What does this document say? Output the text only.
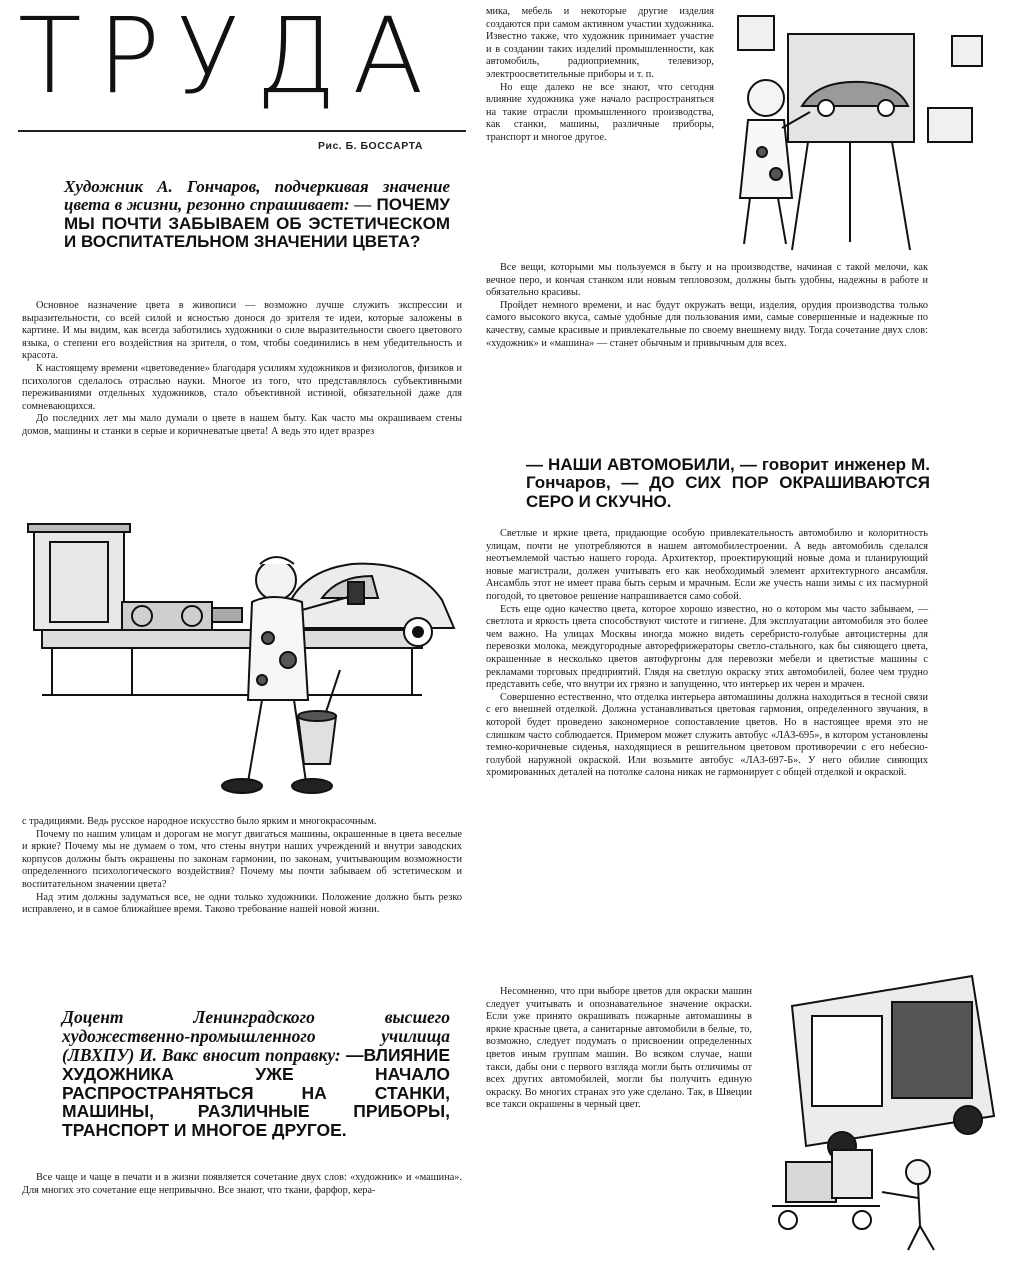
ТРУДА
Рис. Б. БОССАРТА
Художник А. Гончаров, подчеркивая значение цвета в жизни, резонно спрашивает: — ПОЧЕМУ МЫ ПОЧТИ ЗАБЫВАЕМ ОБ ЭСТЕТИЧЕСКОМ И ВОСПИТАТЕЛЬНОМ ЗНАЧЕНИИ ЦВЕТА?

Основное назначение цвета в живописи — возможно лучше служить экспрессии и выразительности, со всей силой и ясностью донося до зрителя те идеи, которые заложены в картине. И мы видим, как всегда заботились художники о силе выразительности своего цветового языка, о степени его воздействия на зрителя, о том, чтобы соединились в нем убедительность и красота.

К настоящему времени «цветоведение» благодаря усилиям художников и физиологов, физиков и психологов сделалось отраслью науки. Многое из того, что представлялось субъективными переживаниями отдельных художников, стало объективной истиной, обязательной даже для сомневающихся.

До последних лет мы мало думали о цвете в нашем быту. Как часто мы окрашиваем стены домов, машины и станки в серые и коричневатые цвета! А ведь это идет вразрез

с традициями. Ведь русское народное искусство было ярким и многокрасочным.

Почему по нашим улицам и дорогам не могут двигаться машины, окрашенные в цвета веселые и яркие? Почему мы не думаем о том, что стены внутри наших учреждений и внутри заводских корпусов должны быть окрашены по законам гармонии, по законам, учитывающим возможности определенного психологического воздействия? Почему мы почти забываем об эстетическом и воспитательном значении цвета?

Над этим должны задуматься все, не одни только художники. Положение должно быть резко исправлено, и в самое ближайшее время. Таково требование нашей новой жизни.

Доцент Ленинградского высшего художественно-промышленного училища (ЛВХПУ) И. Вакс вносит поправку: —ВЛИЯНИЕ ХУДОЖНИКА УЖЕ НАЧАЛО РАСПРОСТРАНЯТЬСЯ НА СТАНКИ, МАШИНЫ, РАЗЛИЧНЫЕ ПРИБОРЫ, ТРАНСПОРТ И МНОГОЕ ДРУГОЕ.

Все чаще и чаще в печати и в жизни появляется сочетание двух слов: «художник» и «машина». Для многих это сочетание еще непривычно. Все знают, что ткани, фарфор, кера-

мика, мебель и некоторые другие изделия создаются при самом активном участии художника. Известно также, что художник принимает участие и в создании таких изделий промышленности, как автомобиль, радиоприемник, телевизор, электроосветительные приборы и т. п.

Но еще далеко не все знают, что сегодня влияние художника уже начало распространяться на такие отрасли промышленного производства, как станки, машины, различные приборы, транспорт и многое другое.

Все вещи, которыми мы пользуемся в быту и на производстве, начиная с такой мелочи, как вечное перо, и кончая станком или новым тепловозом, должны быть удобны, надежны в работе и обязательно красивы.

Пройдет немного времени, и нас будут окружать вещи, изделия, орудия производства только самого высокого вкуса, самые удобные для пользования ими, самые совершенные и надежные по качеству, самые красивые и привлекательные по своему внешнему виду. Тогда сочетание двух слов: «художник» и «машина» — станет обычным и привычным для всех.

— НАШИ АВТОМОБИЛИ, — говорит инженер М. Гончаров, — ДО СИХ ПОР ОКРАШИВАЮТСЯ СЕРО И СКУЧНО.

Светлые и яркие цвета, придающие особую привлекательность автомобилю и колоритность улицам, почти не употребляются в нашем автомобилестроении. А ведь автомобиль сделался неотъемлемой частью нашего города. Архитектор, проектирующий новые дома и планирующий новые магистрали, должен учитывать его как необходимый элемент архитектурного ансамбля. Ансамбль этот не имеет права быть серым и мрачным. Если же учесть наши зимы с их пасмурной погодой, то цветовое решение напрашивается само собой.

Есть еще одно качество цвета, которое хорошо известно, но о котором мы часто забываем, — светлота и яркость цвета способствуют чистоте и гигиене. Для эксплуатации автомобиля это более чем важно. На улицах Москвы иногда можно видеть серебристо-голубые автоцистерны для перевозки молока, междугородные авторефрижераторы светло-стального, как бы сияющего цвета, окрашенные в несколько цветов автофургоны для перевозки мебели и цветистые машины с рекламами торговых предприятий. Глядя на светлую окраску этих автомобилей, более чем трудно представить себе, что внутри их грязно и запущенно, что интерьер их черен и мрачен.

Совершенно естественно, что отделка интерьера автомашины должна находиться в тесной связи с его внешней отделкой. Должна устанавливаться цветовая гармония, определенного звучания, в которой будет проведено закономерное сопоставление цветов. Но в настоящее время это не слишком часто соблюдается. Примером может служить автобус «ЛАЗ-695», в котором установлены темно-коричневые сиденья, находящиеся в решительном цветовом противоречии с его небесно-голубой наружной окраской. Или возьмите автобус «ЛАЗ-697-Б». У него обилие сияющих хромированных деталей на потолке салона никак не гармонирует с общей отделкой и окраской.

Несомненно, что при выборе цветов для окраски машин следует учитывать и опознавательное значение окраски. Если уже принято окрашивать пожарные автомашины в яркие красные цвета, а санитарные автомобили в белые, то, возможно, следует подумать о присвоении определенных цветов иным группам машин. Во всяком случае, наши такси, дабы они с первого взгляда могли быть отличимы от всех других автомобилей, могли бы получить единую окраску. Во многих странах это уже сделано. Так, в Швеции все такси окрашены в черный цвет.
